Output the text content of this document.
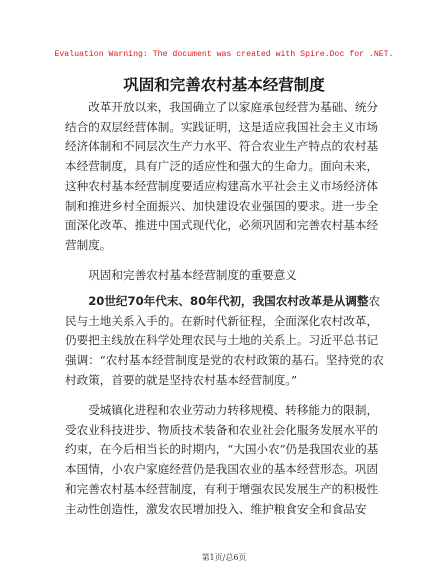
Evaluation Warning: The document was created with Spire.Doc for .NET.
巩固和完善农村基本经营制度

改革开放以来，我国确立了以家庭承包经营为基础、统分结合的双层经营体制。实践证明，这是适应我国社会主义市场经济体制和不同层次生产力水平、符合农业生产特点的农村基本经营制度，具有广泛的适应性和强大的生命力。面向未来，这种农村基本经营制度要适应构建高水平社会主义市场经济体制和推进乡村全面振兴、加快建设农业强国的要求。进一步全面深化改革、推进中国式现代化，必须巩固和完善农村基本经营制度。

巩固和完善农村基本经营制度的重要意义

20世纪70年代末、80年代初，我国农村改革是从调整农民与土地关系入手的。在新时代新征程，全面深化农村改革，仍要把主线放在科学处理农民与土地的关系上。习近平总书记强调：“农村基本经营制度是党的农村政策的基石。坚持党的农村政策，首要的就是坚持农村基本经营制度。”

受城镇化进程和农业劳动力转移规模、转移能力的限制，受农业科技进步、物质技术装备和农业社会化服务发展水平的约束，在今后相当长的时期内，“大国小农”仍是我国农业的基本国情，小农户家庭经营仍是我国农业的基本经营形态。巩固和完善农村基本经营制度，有利于增强农民发展生产的积极性主动性创造性，激发农民增加投入、维护粮食安全和食品安

第1页/总6页
